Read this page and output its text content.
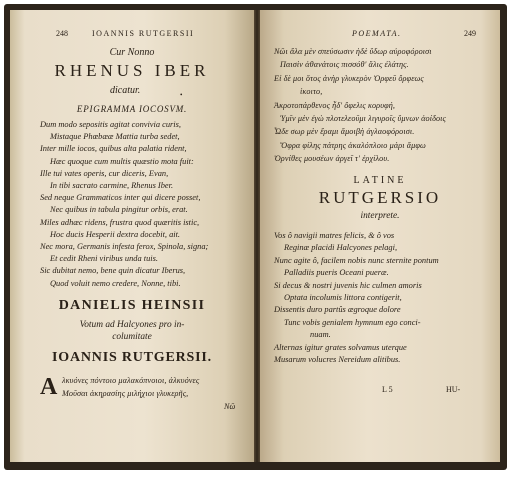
248	IOANNIS RUTGERSII
Cur Nonno
RHENUS IBER
dicatur.	•
EPIGRAMMA IOCOSVM.
Dum modo sepositis agitat convivia curis,
Mistaque Phœbææ Mattia turba sedet,
Inter mille iocos, quibus alta palatia rident,
Hæc quoque cum multis quæstio mota fuit:
Ille tui vates operis, cur diceris, Evan,
In tibi sacrato carmine, Rhenus Iber.
Sed neque Grammaticos inter qui dicere posset,
Nec quibus in tabula pingitur orbis, erat.
Miles adhæc ridens, frustra quod quæritis istic,
Hoc ducis Hesperii dextra docebit, ait.
Nec mora, Germanis infesta ferox, Spinola, signa;
Et cedit Rheni viribus unda tuis.
Sic dubitat nemo, bene quin dicatur Iberus,
Quod voluit nemo credere, Nonne, tibi.
DANIELIS HEINSII
Votum ad Halcyones pro in-
columitate
IOANNIS RUTGERSII.
A λκυόνες πόντοιο μαλακόπνοιοι, ἀλκυόνες
Μοῦσαι ἀκηρασίης μιλήχιοι γλυκερῆς,
Νῶ
POEMATA.	249
Νῶι ἄλα μὲν σπεύσωσιν ἠδὲ ὕδωρ αὐροφόροισι
Παισὶν ἀθανάτοις πισσόθ' ἄλις ἐλάτης.
Εἰ δὲ μοι ὅτος ἀνὴρ γλυκερὸν Ὀρφεῦ ὄρφεως
ἰκοιτο,
Ἀκροτοπάρθενος ἦδ' ὄφελις κορυφή,
Ὑμῖν μὲν ἐγὼ πλοτελεοῦμι λιγυροῖς ὕμνων ἀοίδοις
Ὧδε σωρ μὲν ἔραμι ἄμοιβὴ ἀγλαοφόροισι.
Ὄφρα φίλης πάτρης ἀκαλόπλοιο μάρι ἄμφω
Ὀρνίθες μουσέων ἀργεῖ τ' ἐρχίλου.
LATINE
RUTGERSIO
interprete.
Vos ô navigii matres felicis, & ô vos
Reginæ placidi Halcyones pelagi,
Nunc agite ô, facilem nobis nunc sternite pontum
Palladiis pueris Oceani pueræ.
Si decus & nostri juvenis hic culmen amoris
Optata incolumis littora contigerit,
Dissentis duro partûs ægroque dolore
Tunc vobis genialem hymnum ego conci-
nuam.
Alternas igitur grates solvamus uterque
Musarum volucres Nereidum alitibus.
L 5	HU-
